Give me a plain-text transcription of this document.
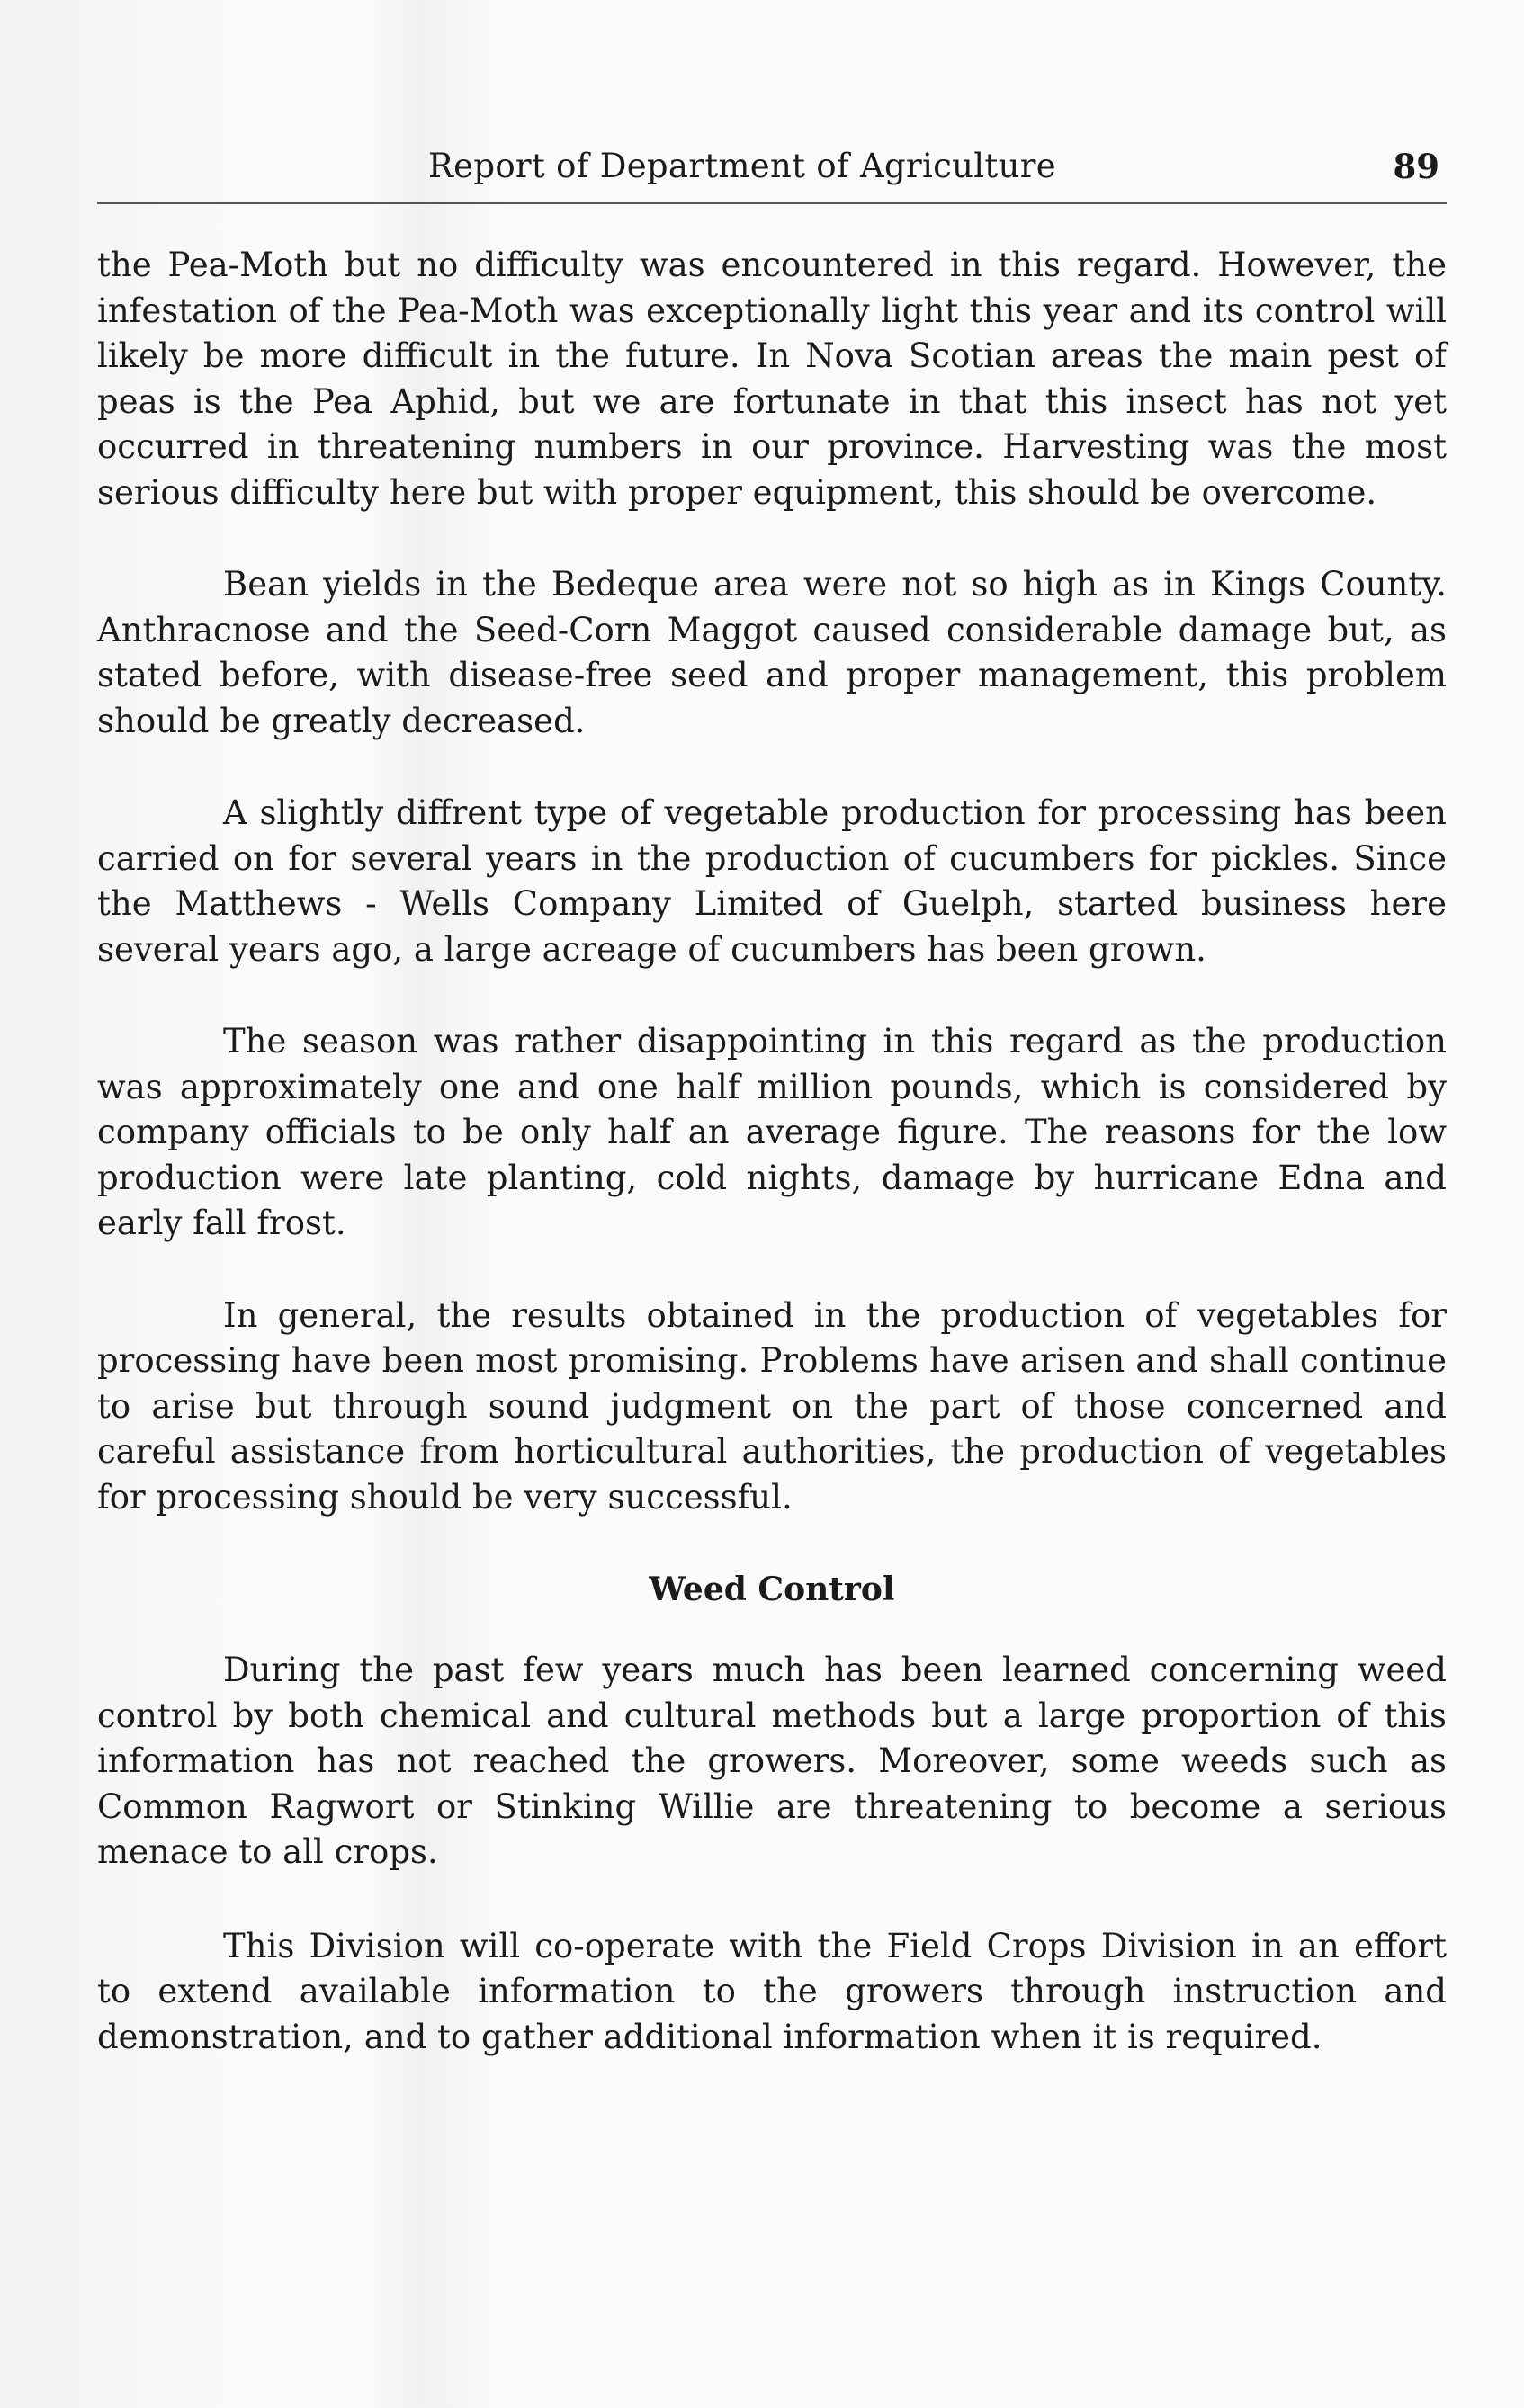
Report of Department of Agriculture	89

the Pea-Moth but no difficulty was encountered in this regard. However, the infestation of the Pea-Moth was exceptionally light this year and its control will likely be more difficult in the future. In Nova Scotian areas the main pest of peas is the Pea Aphid, but we are fortunate in that this insect has not yet occurred in threatening numbers in our province. Harvesting was the most serious difficulty here but with proper equipment, this should be overcome.

Bean yields in the Bedeque area were not so high as in Kings County. Anthracnose and the Seed-Corn Maggot caused considerable damage but, as stated before, with disease-free seed and proper management, this problem should be greatly decreased.

A slightly diffrent type of vegetable production for processing has been carried on for several years in the production of cucumbers for pickles. Since the Matthews - Wells Company Limited of Guelph, started business here several years ago, a large acreage of cucumbers has been grown.

The season was rather disappointing in this regard as the production was approximately one and one half million pounds, which is considered by company officials to be only half an average figure. The reasons for the low production were late planting, cold nights, damage by hurricane Edna and early fall frost.

In general, the results obtained in the production of vegetables for processing have been most promising. Problems have arisen and shall continue to arise but through sound judgment on the part of those concerned and careful assistance from horticultural authorities, the production of vegetables for processing should be very successful.

Weed Control

During the past few years much has been learned concerning weed control by both chemical and cultural methods but a large proportion of this information has not reached the growers. Moreover, some weeds such as Common Ragwort or Stinking Willie are threatening to become a serious menace to all crops.

This Division will co-operate with the Field Crops Division in an effort to extend available information to the growers through instruction and demonstration, and to gather additional information when it is required.
